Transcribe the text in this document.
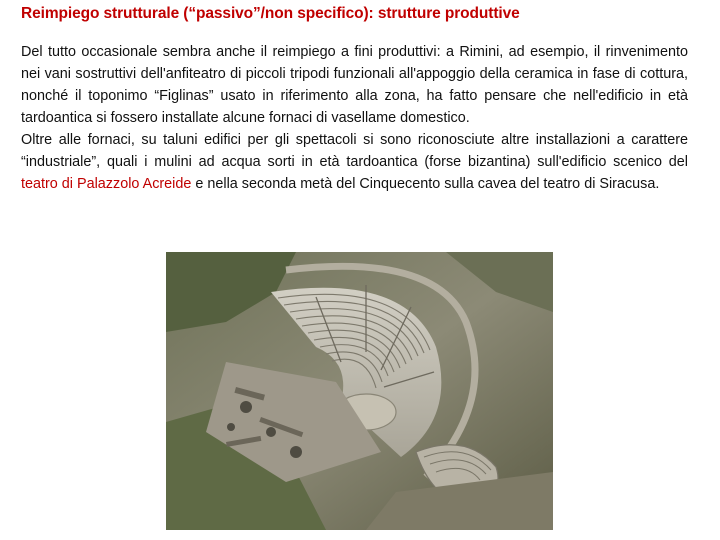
Reimpiego strutturale (“passivo”/non specifico): strutture produttive

Del tutto occasionale sembra anche il reimpiego a fini produttivi: a Rimini, ad esempio, il rinvenimento nei vani sostruttivi dell'anfiteatro di piccoli tripodi funzionali all'appoggio della ceramica in fase di cottura, nonché il toponimo “Figlinas” usato in riferimento alla zona, ha fatto pensare che nell'edificio in età tardoantica si fossero installate alcune fornaci di vasellame domestico.

Oltre alle fornaci, su taluni edifici per gli spettacoli si sono riconosciute altre installazioni a carattere “industriale”, quali i mulini ad acqua sorti in età tardoantica (forse bizantina) sull'edificio scenico del teatro di Palazzolo Acreide e nella seconda metà del Cinquecento sulla cavea del teatro di Siracusa.
